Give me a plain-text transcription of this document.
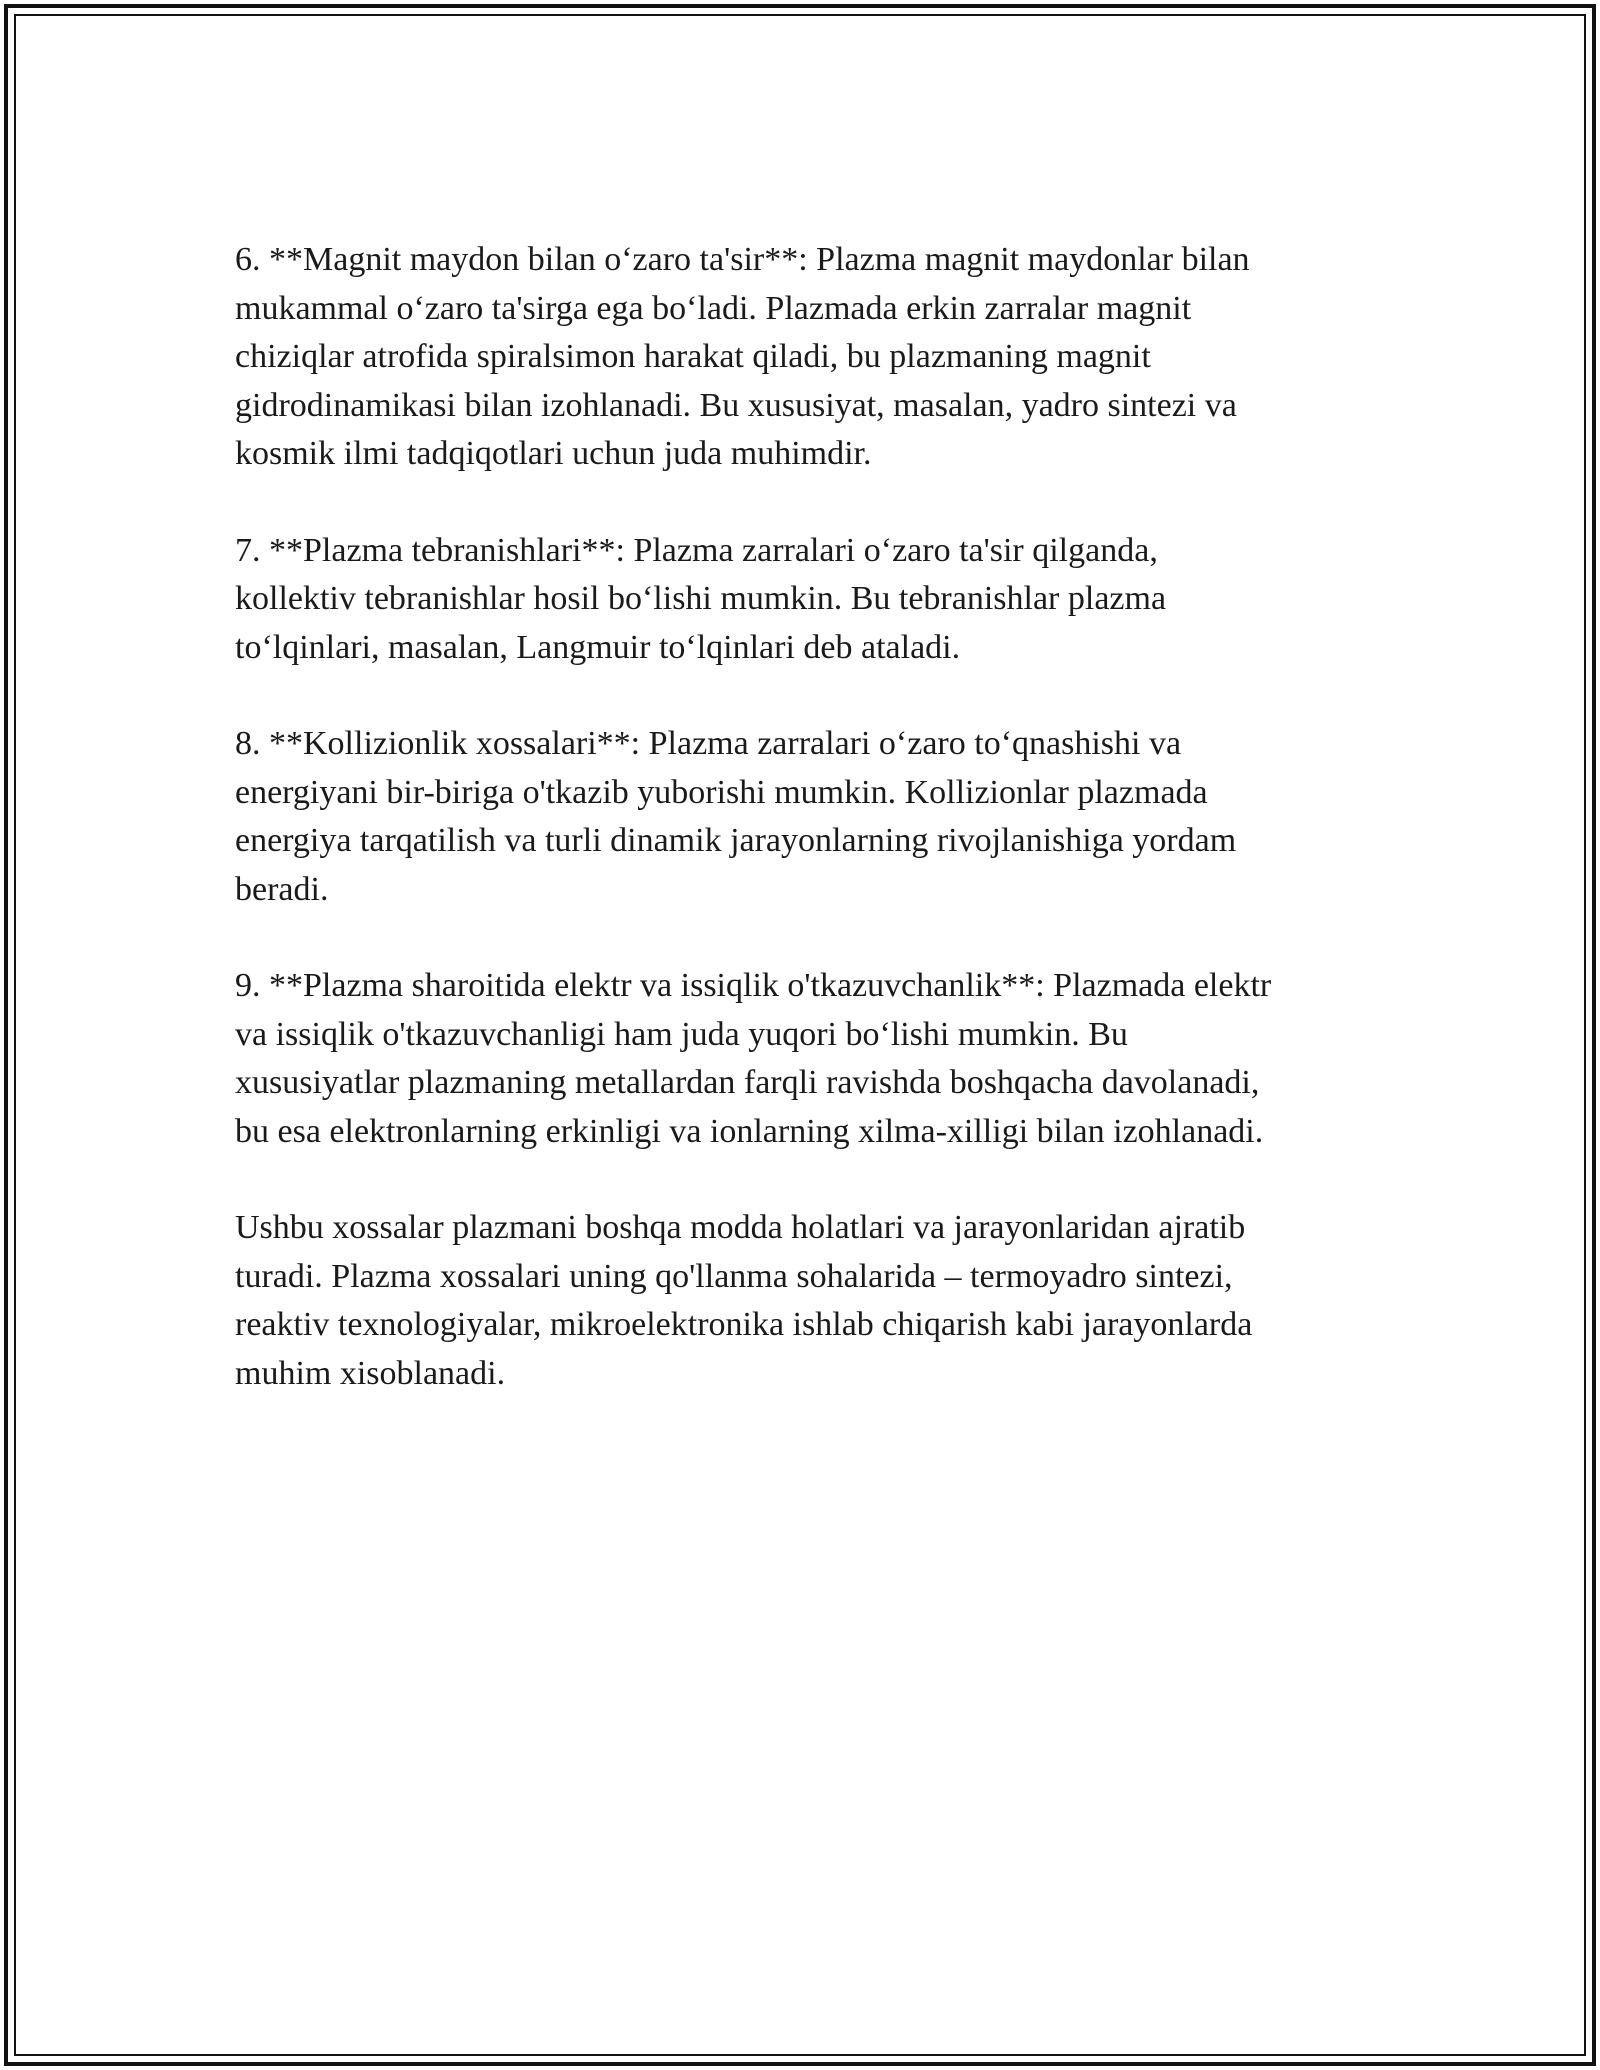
6. **Magnit maydon bilan o‘zaro ta'sir**: Plazma magnit maydonlar bilan
mukammal o‘zaro ta'sirga ega bo‘ladi. Plazmada erkin zarralar magnit
chiziqlar atrofida spiralsimon harakat qiladi, bu plazmaning magnit
gidrodinamikasi bilan izohlanadi. Bu xususiyat, masalan, yadro sintezi va
kosmik ilmi tadqiqotlari uchun juda muhimdir.

7. **Plazma tebranishlari**: Plazma zarralari o‘zaro ta'sir qilganda,
kollektiv tebranishlar hosil bo‘lishi mumkin. Bu tebranishlar plazma
to‘lqinlari, masalan, Langmuir to‘lqinlari deb ataladi.

8. **Kollizionlik xossalari**: Plazma zarralari o‘zaro to‘qnashishi va
energiyani bir-biriga o'tkazib yuborishi mumkin. Kollizionlar plazmada
energiya tarqatilish va turli dinamik jarayonlarning rivojlanishiga yordam
beradi.

9. **Plazma sharoitida elektr va issiqlik o'tkazuvchanlik**: Plazmada elektr
va issiqlik o'tkazuvchanligi ham juda yuqori bo‘lishi mumkin. Bu
xususiyatlar plazmaning metallardan farqli ravishda boshqacha davolanadi,
bu esa elektronlarning erkinligi va ionlarning xilma-xilligi bilan izohlanadi.

Ushbu xossalar plazmani boshqa modda holatlari va jarayonlaridan ajratib
turadi. Plazma xossalari uning qo'llanma sohalarida – termoyadro sintezi,
reaktiv texnologiyalar, mikroelektronika ishlab chiqarish kabi jarayonlarda
muhim xisoblanadi.
